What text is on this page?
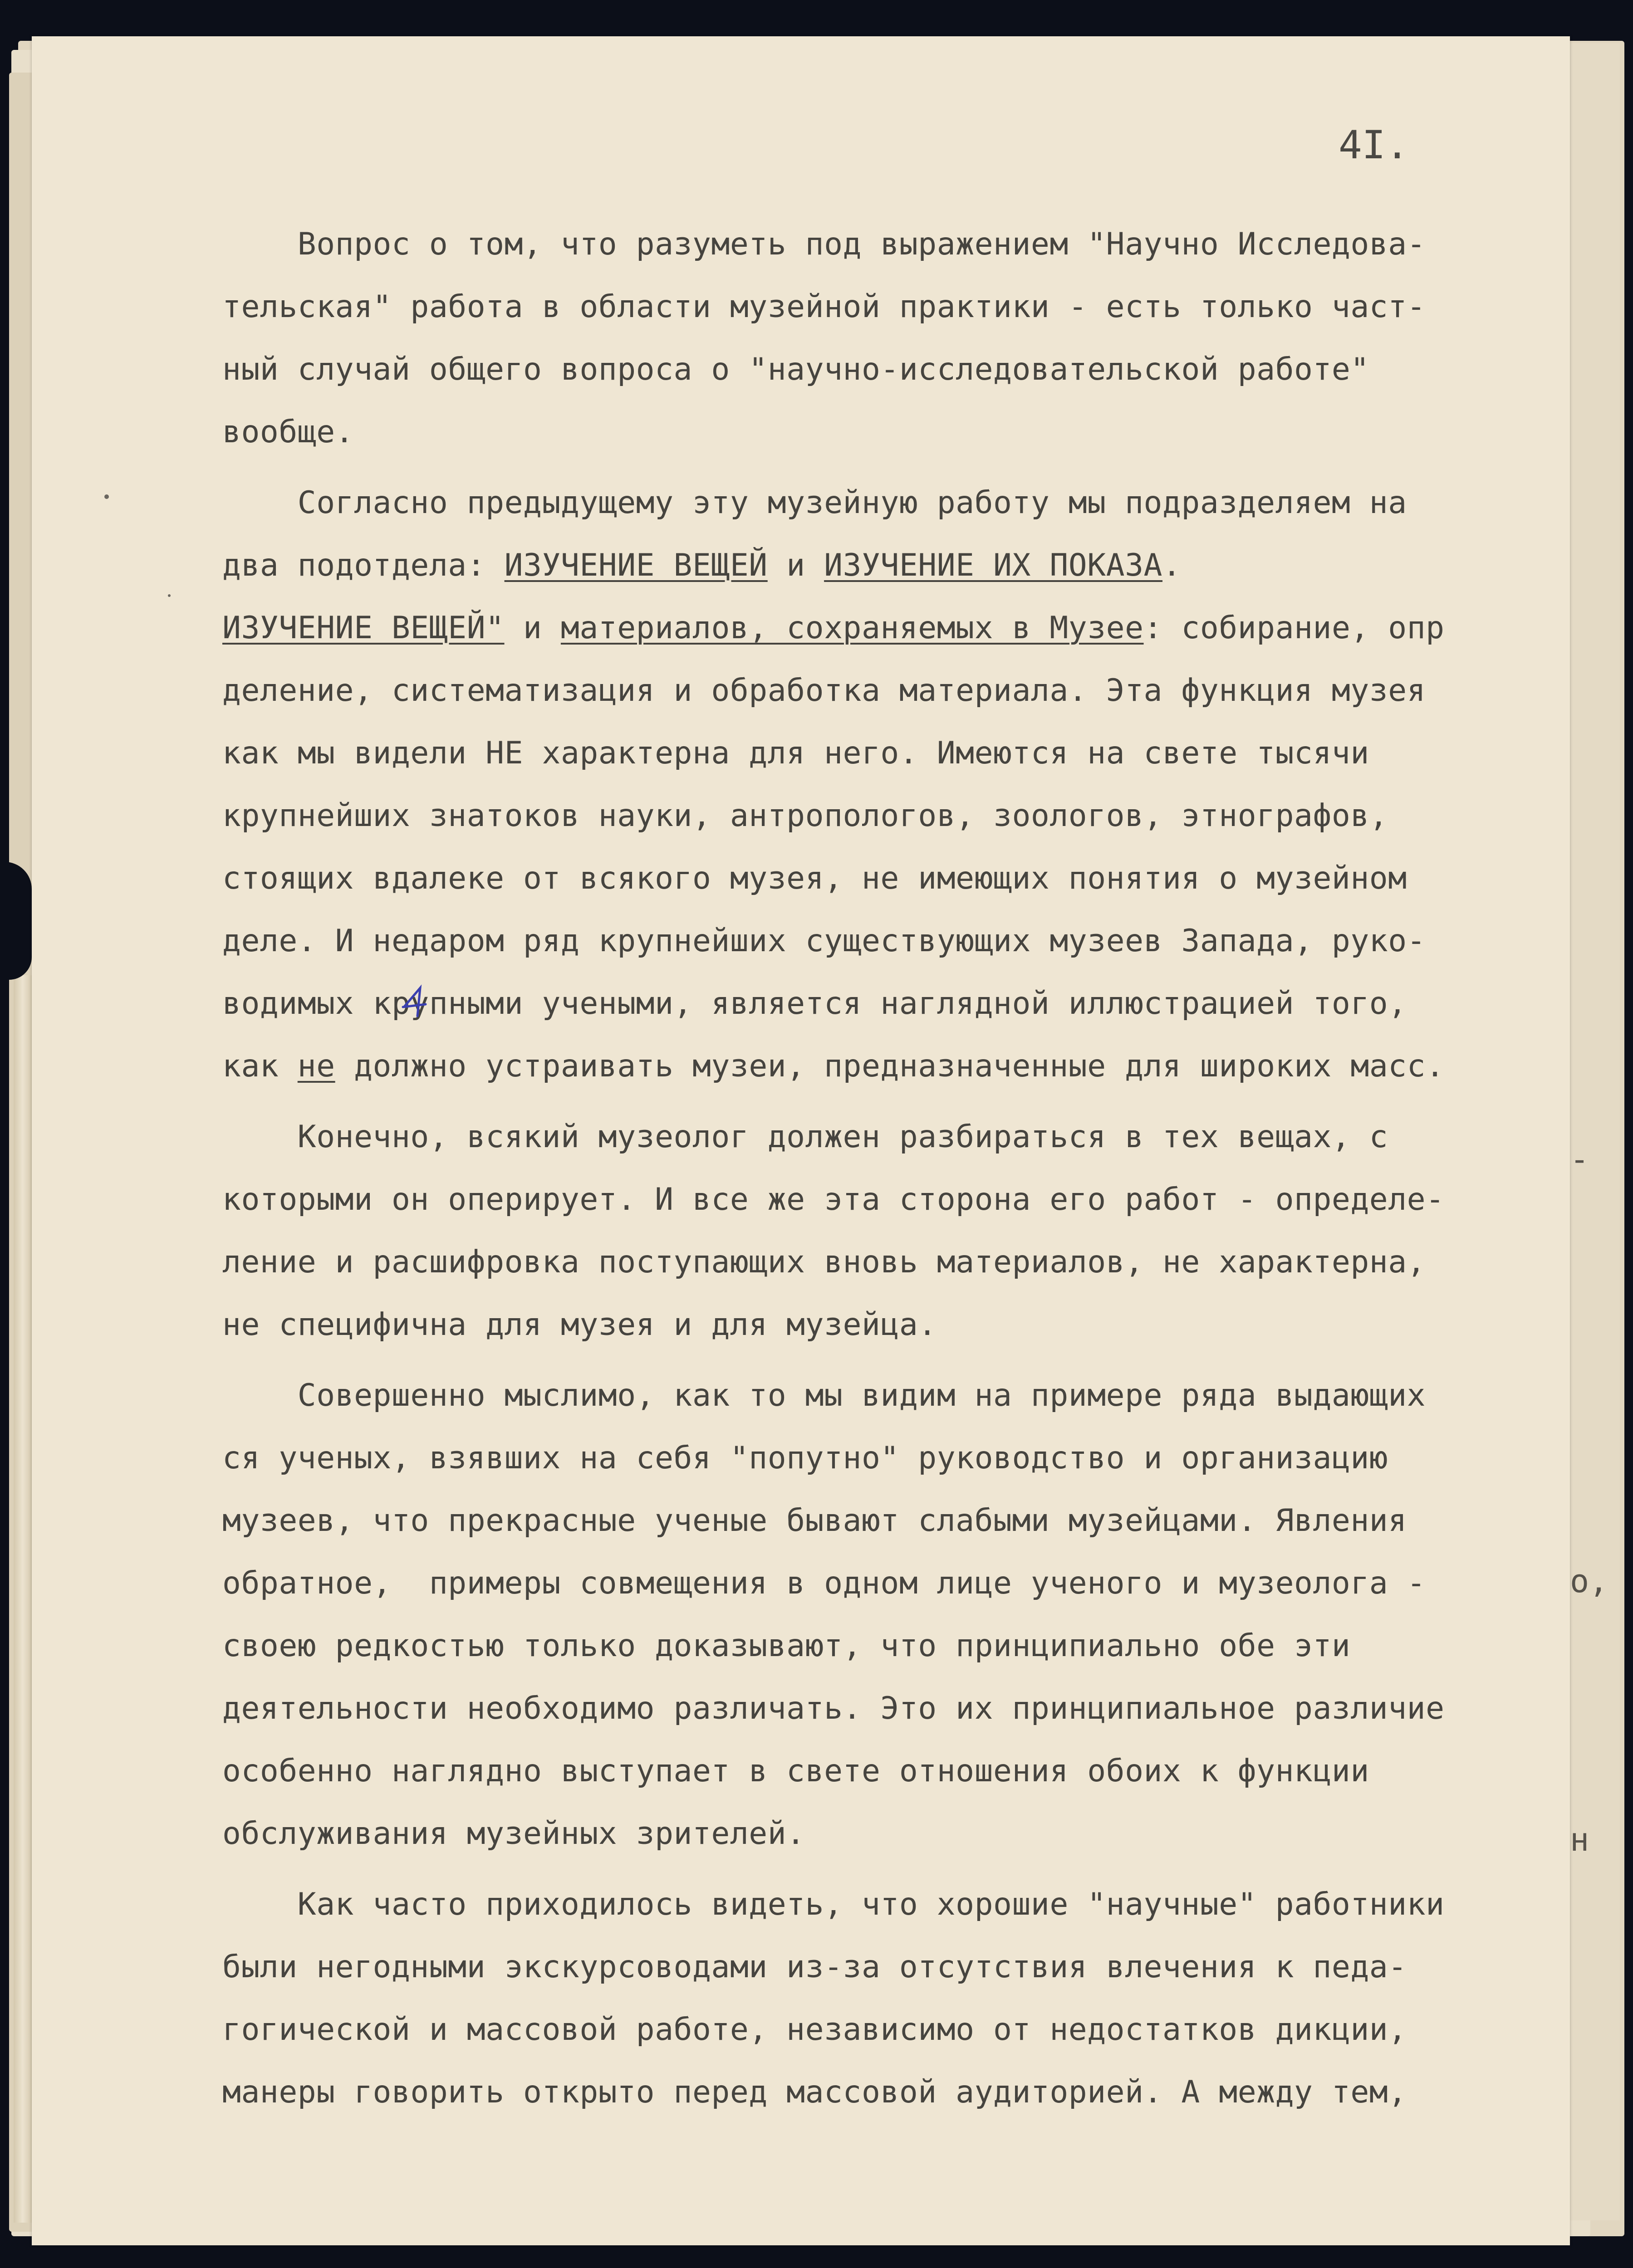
о,
н
-
4I.
Вопрос о том, что разуметь под выражением "Научно Исследова-
тельская" работа в области музейной практики - есть только част-
ный случай общего вопроса о "научно-исследовательской работе"
вообще.
Согласно предыдущему эту музейную работу мы подразделяем на
два подотдела: ИЗУЧЕНИЕ ВЕЩЕЙ и ИЗУЧЕНИЕ ИХ ПОКАЗА.
ИЗУЧЕНИЕ ВЕЩЕЙ" и материалов, сохраняемых в Музее: собирание, опр
деление, систематизация и обработка материала. Эта функция музея
как мы видели НЕ характерна для него. Имеются на свете тысячи
крупнейших знатоков науки, антропологов, зоологов, этнографов,
стоящих вдалеке от всякого музея, не имеющих понятия о музейном
деле. И недаром ряд крупнейших существующих музеев Запада, руко-
водимых крупными учеными, является наглядной иллюстрацией того,
как не должно устраивать музеи, предназначенные для широких масс.
Конечно, всякий музеолог должен разбираться в тех вещах, с
которыми он оперирует. И все же эта сторона его работ - определе-
ление и расшифровка поступающих вновь материалов, не характерна,
не специфична для музея и для музейца.
Совершенно мыслимо, как то мы видим на примере ряда выдающих
ся ученых, взявших на себя "попутно" руководство и организацию
музеев, что прекрасные ученые бывают слабыми музейцами. Явления
обратное,  примеры совмещения в одном лице ученого и музеолога -
своею редкостью только доказывают, что принципиально обе эти
деятельности необходимо различать. Это их принципиальное различие
особенно наглядно выступает в свете отношения обоих к функции
обслуживания музейных зрителей.
Как часто приходилось видеть, что хорошие "научные" работники
были негодными экскурсоводами из-за отсутствия влечения к педа-
гогической и массовой работе, независимо от недостатков дикции,
манеры говорить открыто перед массовой аудиторией. А между тем,
